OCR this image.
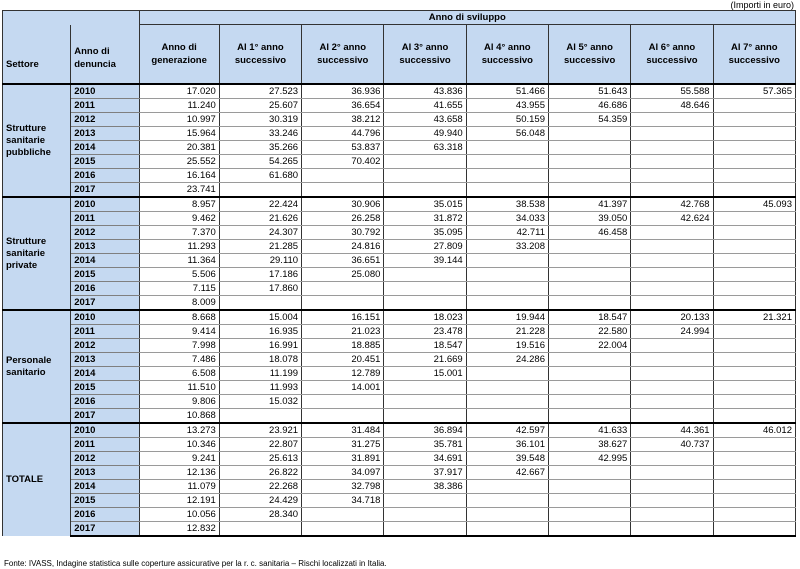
(Importi in euro)
		Anno di sviluppo							
Settore	Anno di denuncia	Anno di generazione	Al 1° anno successivo	Al 2° anno successivo	Al 3° anno successivo	Al 4° anno successivo	Al 5° anno successivo	Al 6° anno successivo	Al 7° anno successivo
Strutture sanitarie pubbliche	2010	17.020	27.523	36.936	43.836	51.466	51.643	55.588	57.365
	2011	11.240	25.607	36.654	41.655	43.955	46.686	48.646	
	2012	10.997	30.319	38.212	43.658	50.159	54.359		
	2013	15.964	33.246	44.796	49.940	56.048			
	2014	20.381	35.266	53.837	63.318				
	2015	25.552	54.265	70.402					
	2016	16.164	61.680						
	2017	23.741							
Strutture sanitarie private	2010	8.957	22.424	30.906	35.015	38.538	41.397	42.768	45.093
	2011	9.462	21.626	26.258	31.872	34.033	39.050	42.624	
	2012	7.370	24.307	30.792	35.095	42.711	46.458		
	2013	11.293	21.285	24.816	27.809	33.208			
	2014	11.364	29.110	36.651	39.144				
	2015	5.506	17.186	25.080					
	2016	7.115	17.860						
	2017	8.009							
Personale sanitario	2010	8.668	15.004	16.151	18.023	19.944	18.547	20.133	21.321
	2011	9.414	16.935	21.023	23.478	21.228	22.580	24.994	
	2012	7.998	16.991	18.885	18.547	19.516	22.004		
	2013	7.486	18.078	20.451	21.669	24.286			
	2014	6.508	11.199	12.789	15.001				
	2015	11.510	11.993	14.001					
	2016	9.806	15.032						
	2017	10.868							
TOTALE	2010	13.273	23.921	31.484	36.894	42.597	41.633	44.361	46.012
	2011	10.346	22.807	31.275	35.781	36.101	38.627	40.737	
	2012	9.241	25.613	31.891	34.691	39.548	42.995		
	2013	12.136	26.822	34.097	37.917	42.667			
	2014	11.079	22.268	32.798	38.386				
	2015	12.191	24.429	34.718					
	2016	10.056	28.340						
	2017	12.832							
Fonte: IVASS, Indagine statistica sulle coperture assicurative per la r. c. sanitaria – Rischi localizzati in Italia.
